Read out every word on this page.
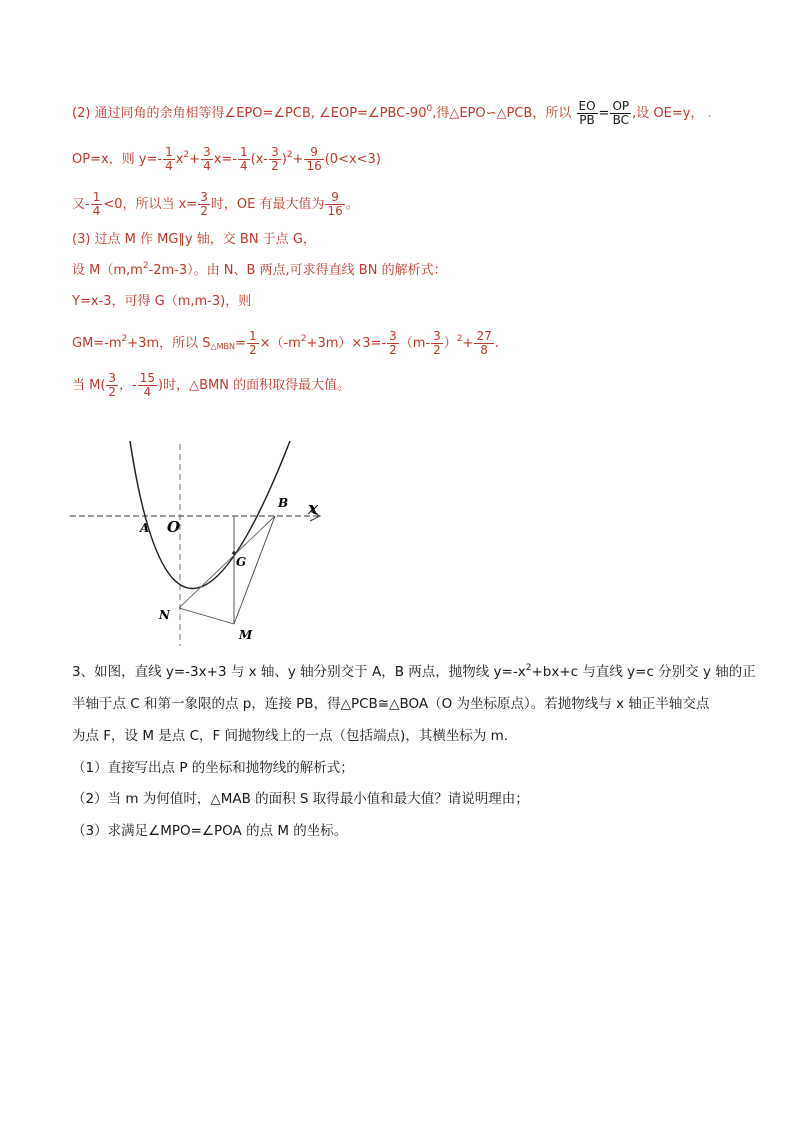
(2) 通过同角的余角相等得∠EPO=∠PCB, $\angle EOP=\angle PBC-90^0$,得△EPO∽△PCB，所以 $\frac{EO}{PB} = \frac{OP}{BC}$ ,设 OE=y， .
OP=x，则 $y=- \frac{1}{4} x^2+ \frac{3}{4} x=- \frac{1}{4} (x- \frac{3}{2} )^2+ \frac{9}{16} (0<x<3)$
又- $\frac{1}{4} <0$，所以当 $x= \frac{3}{2}$ 时，OE 有最大值为 $\frac{9}{16}$ 。
(3) 过点 M 作 MG∥y 轴，交 BN 于点 G，
设 $M(m,m^2-2m-3)$。由 N、B 两点,可求得直线 BN 的解析式：
Y=x-3，可得 G（m,m-3)，则
$GM=-m^2+3m$，所以 $S_{\triangle MBN}= \frac{1}{2} \times(-m^2+3m)\times 3=- \frac{3}{2} (m- \frac{3}{2} )^2+ \frac{27}{8}$ .
当 $M( \frac{3}{2}$ ，- $\frac{15}{4}$ )时，△BMN 的面积取得最大值。
A O
B x
G
N
M
3、如图，直线 y=-3x+3 与 x 轴、y 轴分别交于 A，B 两点，抛物线 $y=-x^2+bx+c$ 与直线 y=c 分别交 y 轴的正
半轴于点 C 和第一象限的点 p，连接 PB，得△PCB≅△BOA（O 为坐标原点）。若抛物线与 x 轴正半轴交点
为点 F，设 M 是点 C，F 间抛物线上的一点（包括端点)，其横坐标为 m.
（1）直接写出点 P 的坐标和抛物线的解析式；
（2）当 m 为何值时，△MAB 的面积 S 取得最小值和最大值？请说明理由；
（3）求满足∠MPO=∠POA 的点 M 的坐标。
